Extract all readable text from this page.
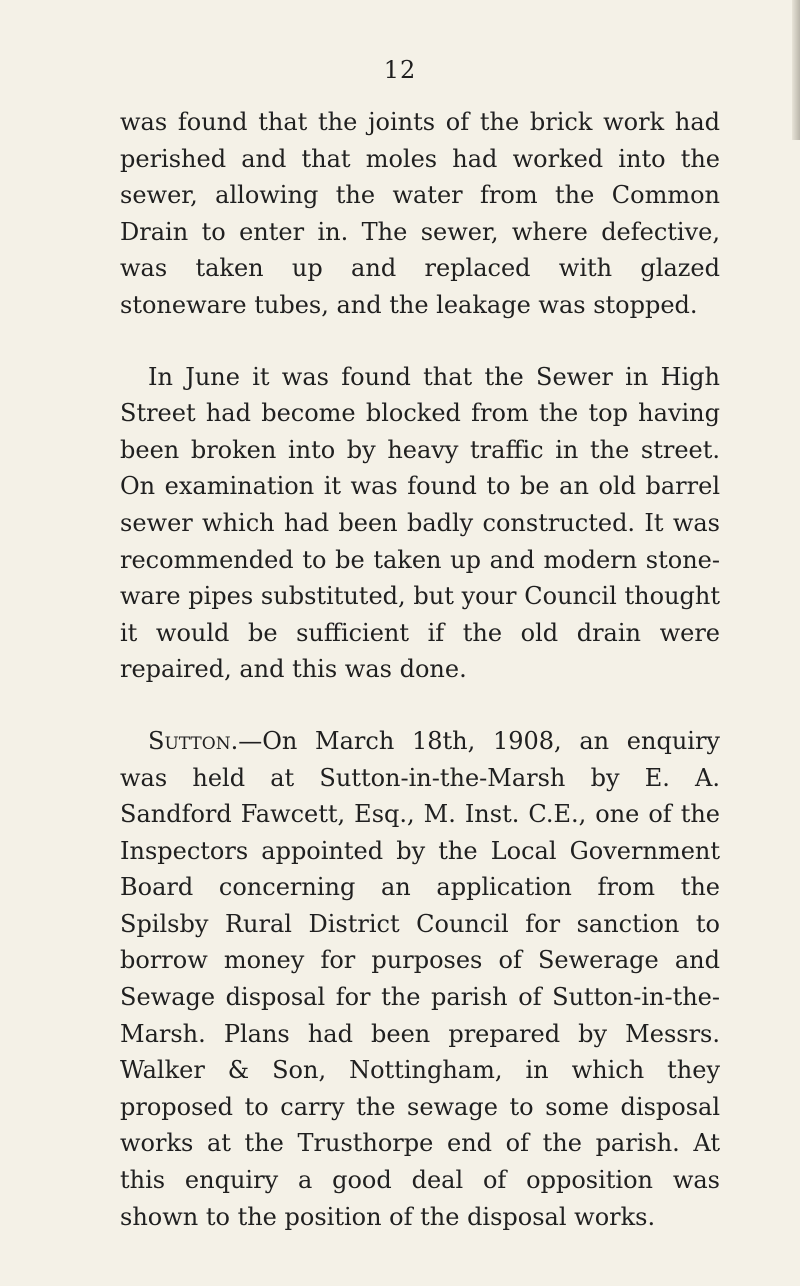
12

was found that the joints of the brick work had perished and that moles had worked into the sewer, allowing the water from the Common Drain to enter in. The sewer, where defective, was taken up and replaced with glazed stoneware tubes, and the leakage was stopped.

In June it was found that the Sewer in High Street had become blocked from the top having been broken into by heavy traffic in the street. On examination it was found to be an old barrel sewer which had been badly constructed. It was recommended to be taken up and modern stone-ware pipes substituted, but your Council thought it would be sufficient if the old drain were repaired, and this was done.

Sutton.—On March 18th, 1908, an enquiry was held at Sutton-in-the-Marsh by E. A. Sandford Fawcett, Esq., M. Inst. C.E., one of the Inspectors appointed by the Local Government Board concerning an application from the Spilsby Rural District Council for sanction to borrow money for purposes of Sewerage and Sewage disposal for the parish of Sutton-in-the-Marsh. Plans had been prepared by Messrs. Walker & Son, Nottingham, in which they proposed to carry the sewage to some disposal works at the Trusthorpe end of the parish. At this enquiry a good deal of opposition was shown to the position of the disposal works.
